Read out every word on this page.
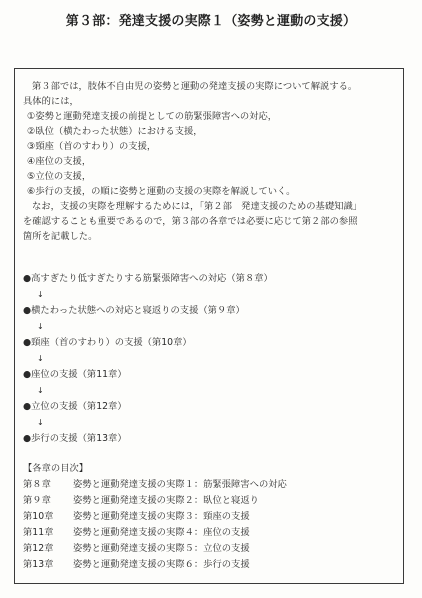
第３部：発達支援の実際１（姿勢と運動の支援）
第３部では，肢体不自由児の姿勢と運動の発達支援の実際について解説する。
具体的には，
①姿勢と運動発達支援の前提としての筋緊張障害への対応，
②臥位（横たわった状態）における支援，
③頸座（首のすわり）の支援，
④座位の支援，
⑤立位の支援，
⑥歩行の支援，の順に姿勢と運動の支援の実際を解説していく。
なお，支援の実際を理解するためには，「第２部　発達支援のための基礎知識」
を確認することも重要であるので，第３部の各章では必要に応じて第２部の参照
箇所を記載した。
●高すぎたり低すぎたりする筋緊張障害への対応（第８章）
↓
●横たわった状態への対応と寝返りの支援（第９章）
↓
●頸座（首のすわり）の支援（第10章）
↓
●座位の支援（第11章）
↓
●立位の支援（第12章）
↓
●歩行の支援（第13章）
【各章の目次】
第８章	姿勢と運動発達支援の実際１：筋緊張障害への対応
第９章	姿勢と運動発達支援の実際２：臥位と寝返り
第10章	姿勢と運動発達支援の実際３：頸座の支援
第11章	姿勢と運動発達支援の実際４：座位の支援
第12章	姿勢と運動発達支援の実際５：立位の支援
第13章	姿勢と運動発達支援の実際６：歩行の支援
